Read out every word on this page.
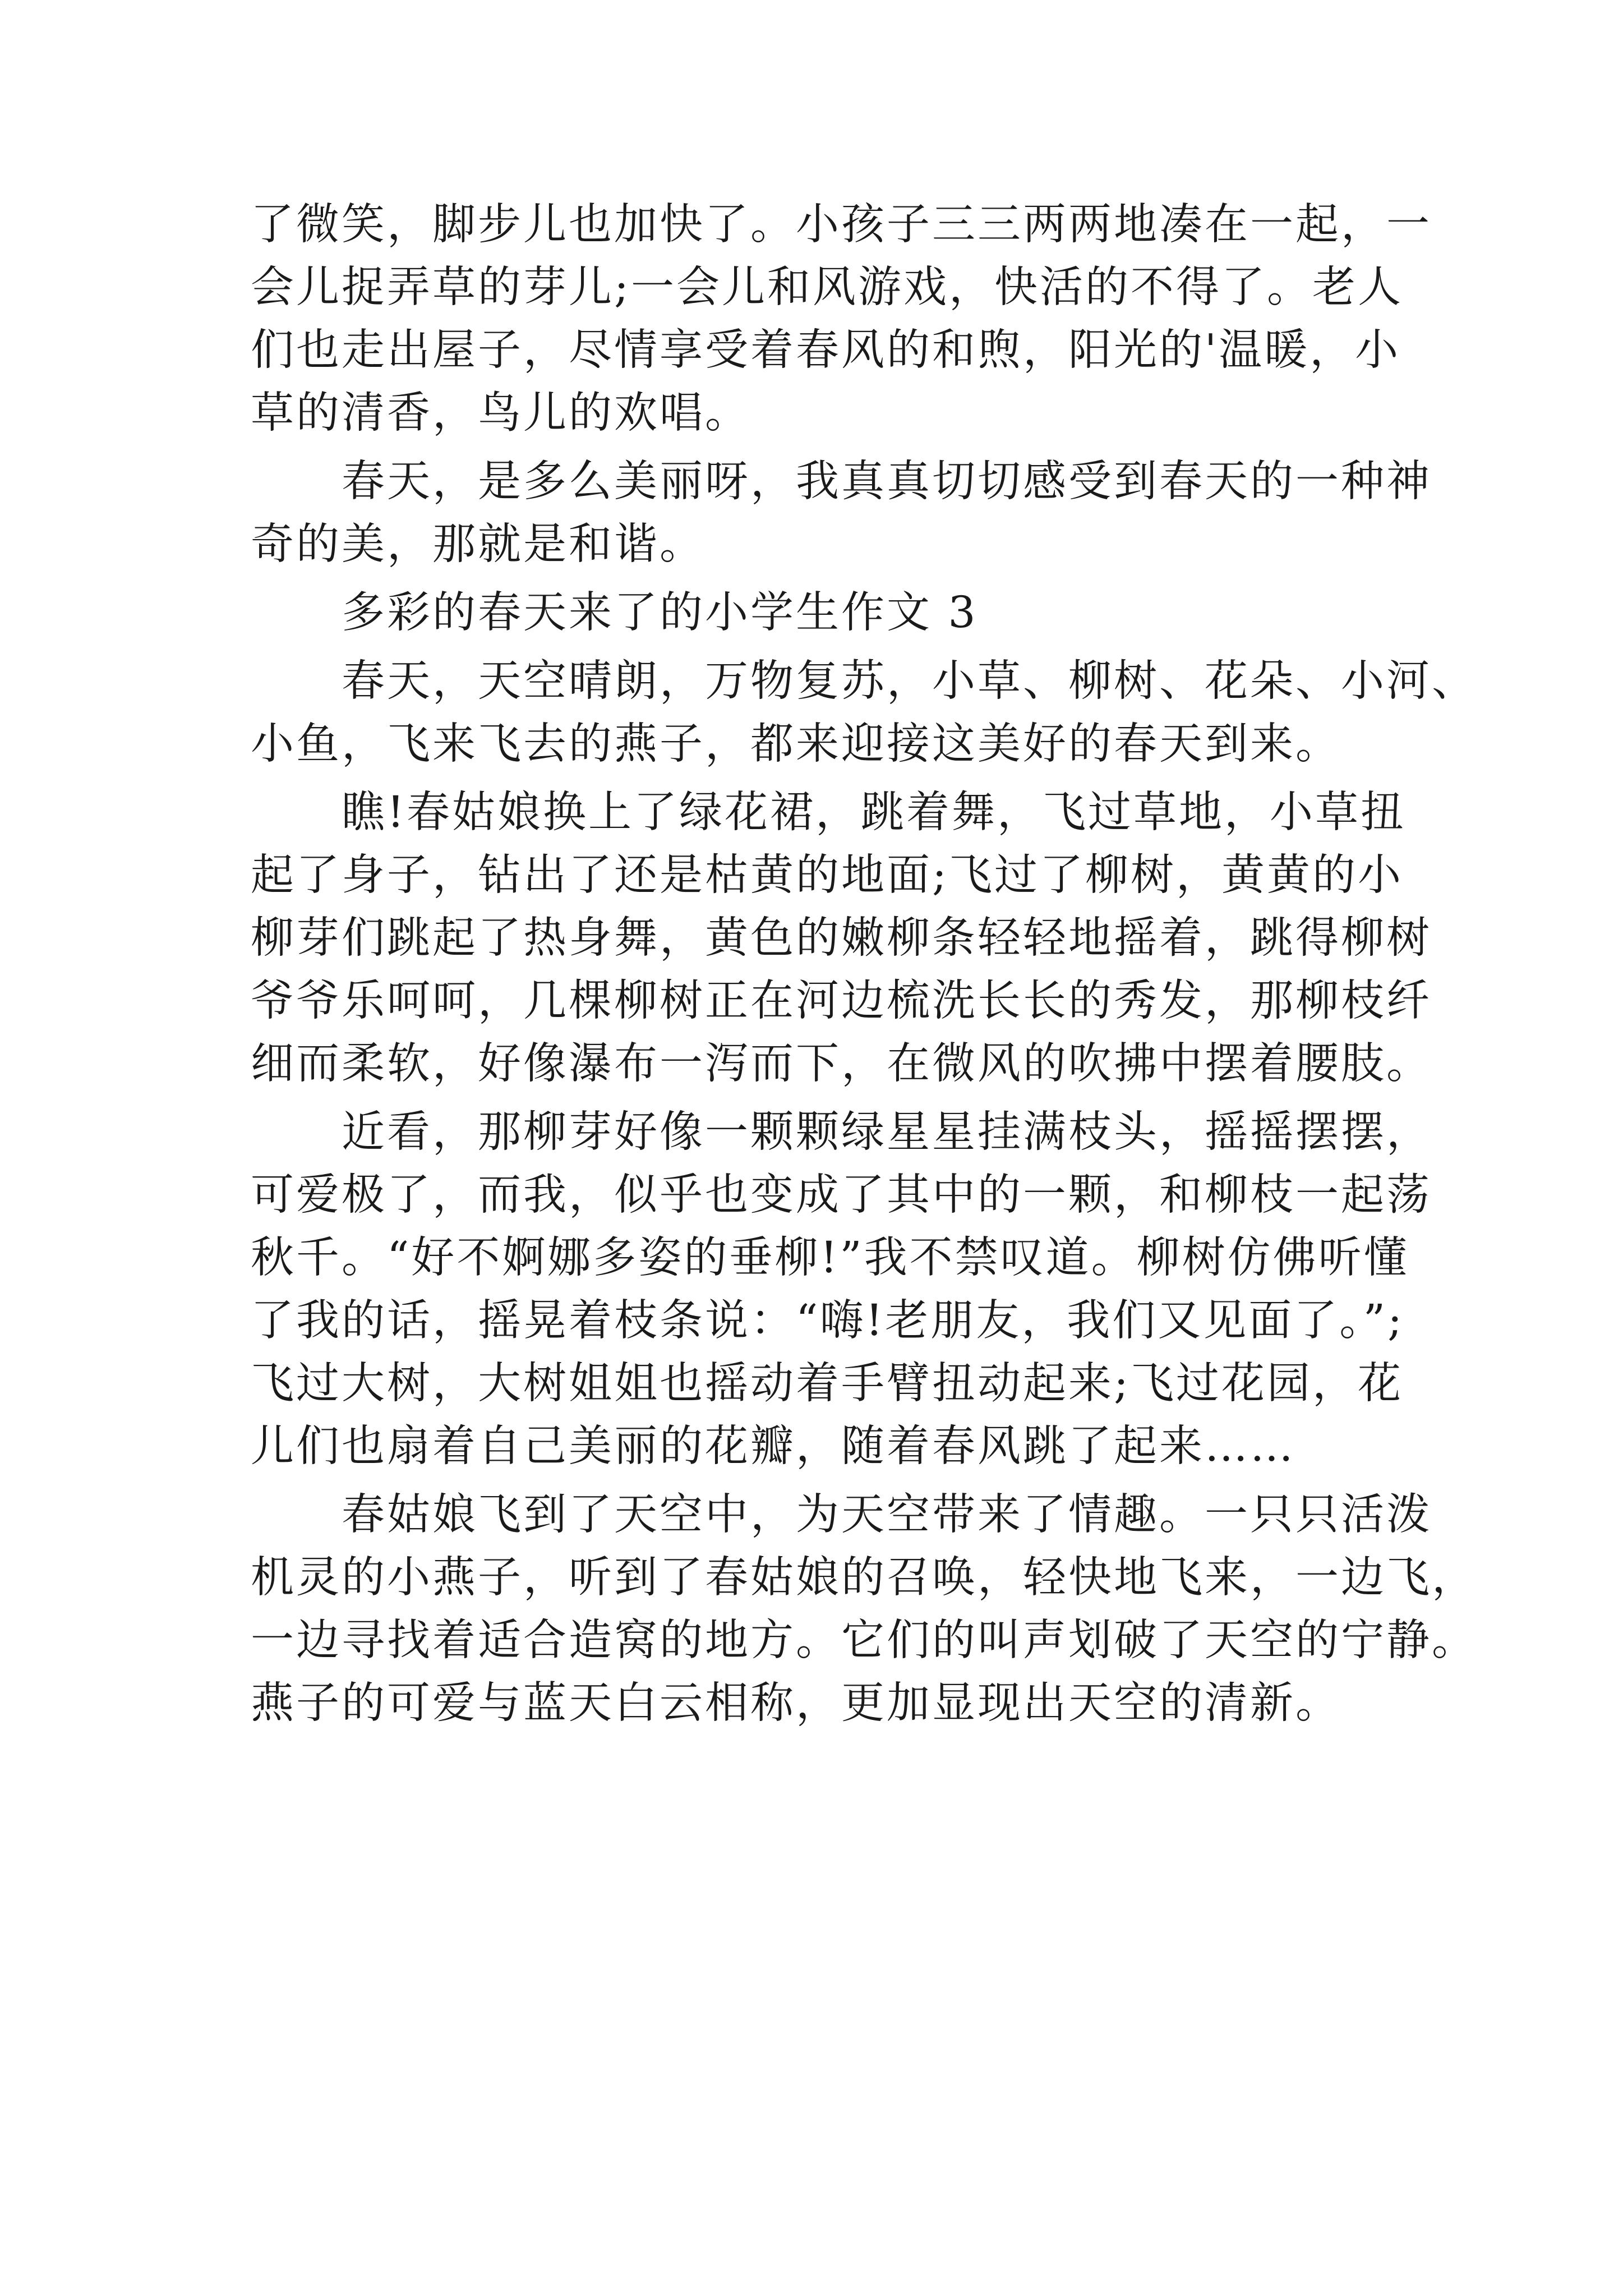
了微笑，脚步儿也加快了。小孩子三三两两地凑在一起，一
会儿捉弄草的芽儿;一会儿和风游戏，快活的不得了。老人
们也走出屋子，尽情享受着春风的和煦，阳光的'温暖，小
草的清香，鸟儿的欢唱。
春天，是多么美丽呀，我真真切切感受到春天的一种神
奇的美，那就是和谐。
多彩的春天来了的小学生作文 3
春天，天空晴朗，万物复苏，小草、柳树、花朵、小河、
小鱼，飞来飞去的燕子，都来迎接这美好的春天到来。
瞧!春姑娘换上了绿花裙，跳着舞，飞过草地，小草扭
起了身子，钻出了还是枯黄的地面;飞过了柳树，黄黄的小
柳芽们跳起了热身舞，黄色的嫩柳条轻轻地摇着，跳得柳树
爷爷乐呵呵，几棵柳树正在河边梳洗长长的秀发，那柳枝纤
细而柔软，好像瀑布一泻而下，在微风的吹拂中摆着腰肢。
近看，那柳芽好像一颗颗绿星星挂满枝头，摇摇摆摆，
可爱极了，而我，似乎也变成了其中的一颗，和柳枝一起荡
秋千。“好不婀娜多姿的垂柳!”我不禁叹道。柳树仿佛听懂
了我的话，摇晃着枝条说：“嗨!老朋友，我们又见面了。”;
飞过大树，大树姐姐也摇动着手臂扭动起来;飞过花园，花
儿们也扇着自己美丽的花瓣，随着春风跳了起来……
春姑娘飞到了天空中，为天空带来了情趣。一只只活泼
机灵的小燕子，听到了春姑娘的召唤，轻快地飞来，一边飞，
一边寻找着适合造窝的地方。它们的叫声划破了天空的宁静。
燕子的可爱与蓝天白云相称，更加显现出天空的清新。
